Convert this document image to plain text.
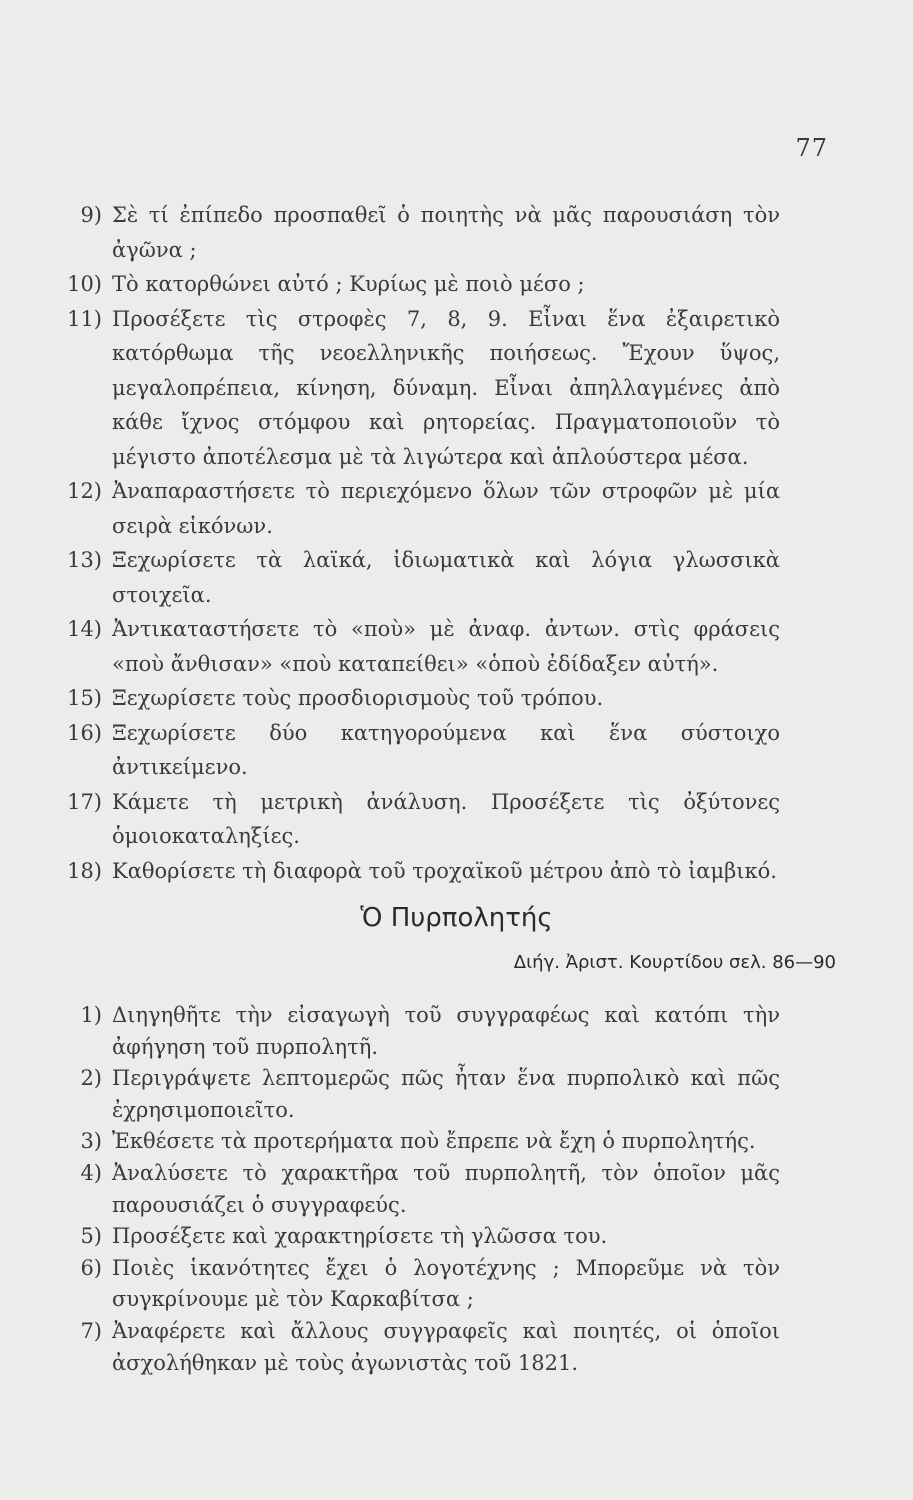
77
9) Σὲ τί ἐπίπεδο προσπαθεῖ ὁ ποιητὴς νὰ μᾶς παρουσιάση τὸν ἀγῶνα ;
10) Τὸ κατορθώνει αὐτό ; Κυρίως μὲ ποιὸ μέσο ;
11) Προσέξετε τὶς στροφὲς 7, 8, 9. Εἶναι ἕνα ἐξαιρετικὸ κατόρθωμα τῆς νεοελληνικῆς ποιήσεως. Ἔχουν ὕψος, μεγαλοπρέπεια, κίνηση, δύναμη. Εἶναι ἀπηλλαγμένες ἀπὸ κάθε ἴχνος στόμφου καὶ ρητορείας. Πραγματοποιοῦν τὸ μέγιστο ἀποτέλεσμα μὲ τὰ λιγώτερα καὶ ἁπλούστερα μέσα.
12) Ἀναπαραστήσετε τὸ περιεχόμενο ὅλων τῶν στροφῶν μὲ μία σειρὰ εἰκόνων.
13) Ξεχωρίσετε τὰ λαϊκά, ἰδιωματικὰ καὶ λόγια γλωσσικὰ στοιχεῖα.
14) Ἀντικαταστήσετε τὸ «ποὺ» μὲ ἀναφ. ἀντων. στὶς φράσεις «ποὺ ἄνθισαν» «ποὺ καταπείθει» «ὁποὺ ἐδίδαξεν αὐτή».
15) Ξεχωρίσετε τοὺς προσδιορισμοὺς τοῦ τρόπου.
16) Ξεχωρίσετε δύο κατηγορούμενα καὶ ἕνα σύστοιχο ἀντικείμενο.
17) Κάμετε τὴ μετρικὴ ἀνάλυση. Προσέξετε τὶς ὀξύτονες ὁμοιοκαταληξίες.
18) Καθορίσετε τὴ διαφορὰ τοῦ τροχαϊκοῦ μέτρου ἀπὸ τὸ ἰαμβικό.
Ὁ Πυρπολητής
Διήγ. Ἀριστ. Κουρτίδου σελ. 86—90
1) Διηγηθῆτε τὴν εἰσαγωγὴ τοῦ συγγραφέως καὶ κατόπι τὴν ἀφήγηση τοῦ πυρπολητῆ.
2) Περιγράψετε λεπτομερῶς πῶς ἦταν ἕνα πυρπολικὸ καὶ πῶς ἐχρησιμοποιεῖτο.
3) Ἐκθέσετε τὰ προτερήματα ποὺ ἔπρεπε νὰ ἔχη ὁ πυρπολητής.
4) Ἀναλύσετε τὸ χαρακτῆρα τοῦ πυρπολητῆ, τὸν ὁποῖον μᾶς παρουσιάζει ὁ συγγραφεύς.
5) Προσέξετε καὶ χαρακτηρίσετε τὴ γλῶσσα του.
6) Ποιὲς ἱκανότητες ἔχει ὁ λογοτέχνης ; Μπορεῦμε νὰ τὸν συγκρίνουμε μὲ τὸν Καρκαβίτσα ;
7) Ἀναφέρετε καὶ ἄλλους συγγραφεῖς καὶ ποιητές, οἱ ὁποῖοι ἀσχολήθηκαν μὲ τοὺς ἀγωνιστὰς τοῦ 1821.
